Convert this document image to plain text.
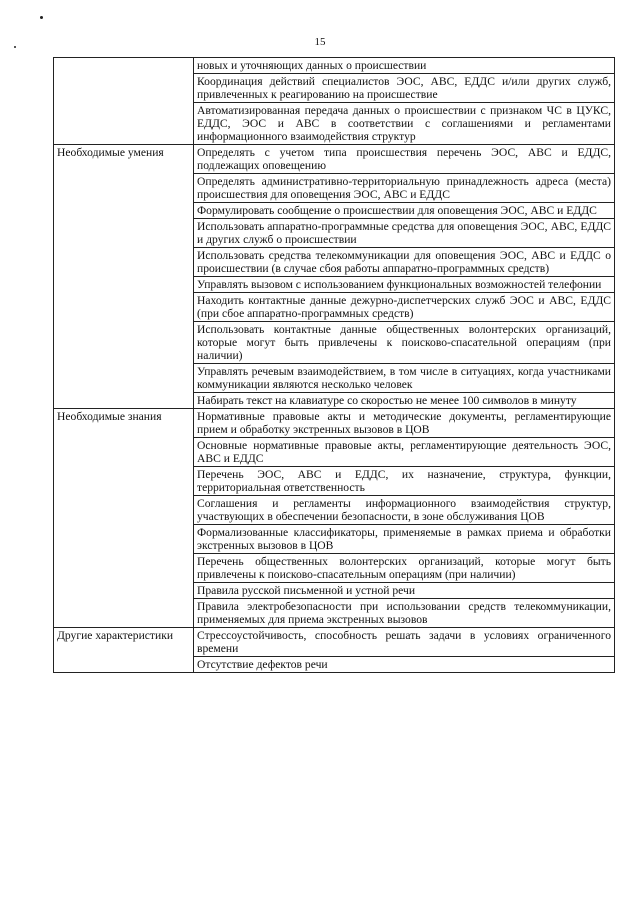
15
	новых и уточняющих данных о происшествии
	Координация действий специалистов ЭОС, АВС, ЕДДС и/или других служб, привлеченных к реагированию на происшествие
	Автоматизированная передача данных о происшествии с признаком ЧС в ЦУКС, ЕДДС, ЭОС и АВС в соответствии с соглашениями и регламентами информационного взаимодействия структур
Необходимые умения	Определять с учетом типа происшествия перечень ЭОС, АВС и ЕДДС, подлежащих оповещению
	Определять административно-территориальную принадлежность адреса (места) происшествия для оповещения ЭОС, АВС и ЕДДС
	Формулировать сообщение о происшествии для оповещения ЭОС, АВС и ЕДДС
	Использовать аппаратно-программные средства для оповещения ЭОС, АВС, ЕДДС и других служб о происшествии
	Использовать средства телекоммуникации для оповещения ЭОС, АВС и ЕДДС о происшествии (в случае сбоя работы аппаратно-программных средств)
	Управлять вызовом с использованием функциональных возможностей телефонии
	Находить контактные данные дежурно-диспетчерских служб ЭОС и АВС, ЕДДС (при сбое аппаратно-программных средств)
	Использовать контактные данные общественных волонтерских организаций, которые могут быть привлечены к поисково-спасательной операциям (при наличии)
	Управлять речевым взаимодействием, в том числе в ситуациях, когда участниками коммуникации являются несколько человек
	Набирать текст на клавиатуре со скоростью не менее 100 символов в минуту
Необходимые знания	Нормативные правовые акты и методические документы, регламентирующие прием и обработку экстренных вызовов в ЦОВ
	Основные нормативные правовые акты, регламентирующие деятельность ЭОС, АВС и ЕДДС
	Перечень ЭОС, АВС и ЕДДС, их назначение, структура, функции, территориальная ответственность
	Соглашения и регламенты информационного взаимодействия структур, участвующих в обеспечении безопасности, в зоне обслуживания ЦОВ
	Формализованные классификаторы, применяемые в рамках приема и обработки экстренных вызовов в ЦОВ
	Перечень общественных волонтерских организаций, которые могут быть привлечены к поисково-спасательным операциям (при наличии)
	Правила русской письменной и устной речи
	Правила электробезопасности при использовании средств телекоммуникации, применяемых для приема экстренных вызовов
Другие характеристики	Стрессоустойчивость, способность решать задачи в условиях ограниченного времени
	Отсутствие дефектов речи
